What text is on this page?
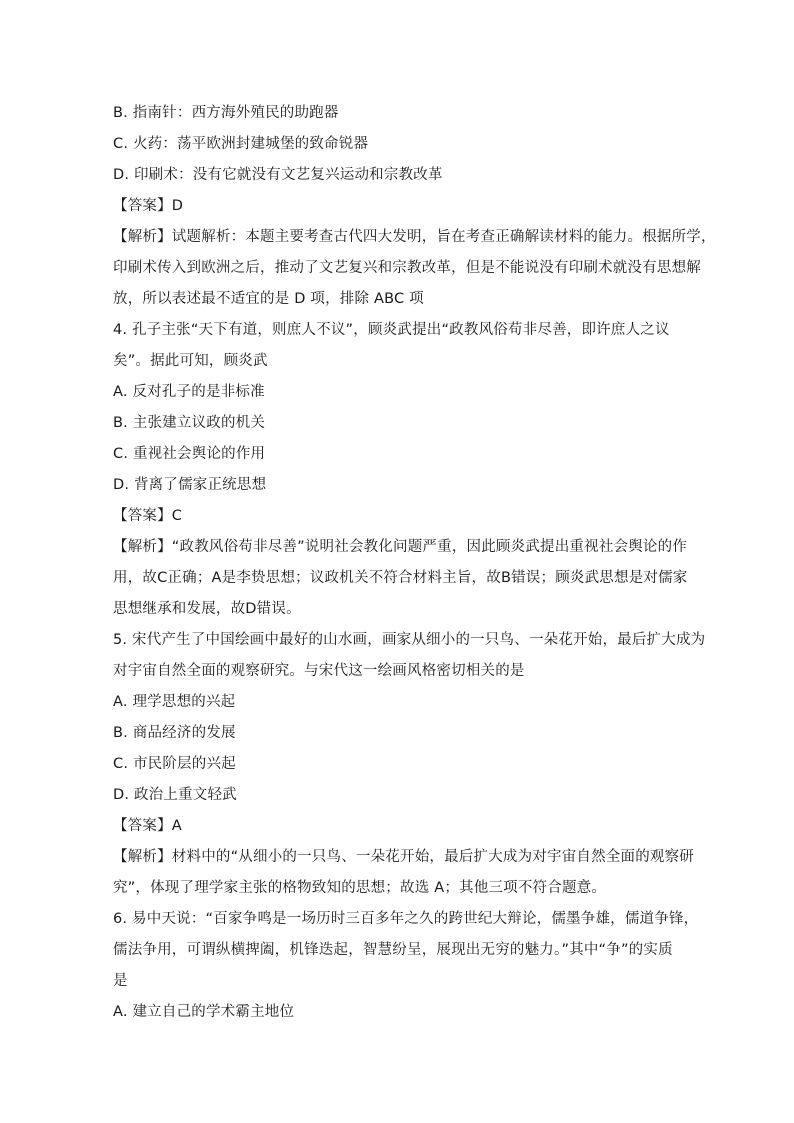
B. 指南针：西方海外殖民的助跑器
C. 火药：荡平欧洲封建城堡的致命锐器
D. 印刷术：没有它就没有文艺复兴运动和宗教改革
【答案】D
【解析】试题解析：本题主要考查古代四大发明，旨在考查正确解读材料的能力。根据所学，
印刷术传入到欧洲之后，推动了文艺复兴和宗教改革，但是不能说没有印刷术就没有思想解
放，所以表述最不适宜的是 D 项，排除 ABC 项
4. 孔子主张“天下有道，则庶人不议”，顾炎武提出“政教风俗苟非尽善，即许庶人之议
矣”。据此可知，顾炎武
A. 反对孔子的是非标准
B. 主张建立议政的机关
C. 重视社会舆论的作用
D. 背离了儒家正统思想
【答案】C
【解析】“政教风俗苟非尽善”说明社会教化问题严重，因此顾炎武提出重视社会舆论的作
用，故C正确；A是李贽思想；议政机关不符合材料主旨，故B错误；顾炎武思想是对儒家
思想继承和发展，故D错误。
5. 宋代产生了中国绘画中最好的山水画，画家从细小的一只鸟、一朵花开始，最后扩大成为
对宇宙自然全面的观察研究。与宋代这一绘画风格密切相关的是
A. 理学思想的兴起
B. 商品经济的发展
C. 市民阶层的兴起
D. 政治上重文轻武
【答案】A
【解析】材料中的“从细小的一只鸟、一朵花开始，最后扩大成为对宇宙自然全面的观察研
究”，体现了理学家主张的格物致知的思想；故选 A；其他三项不符合题意。
6. 易中天说：“百家争鸣是一场历时三百多年之久的跨世纪大辩论，儒墨争雄，儒道争锋，
儒法争用，可谓纵横捭阖，机锋迭起，智慧纷呈，展现出无穷的魅力。”其中“争”的实质
是
A. 建立自己的学术霸主地位
